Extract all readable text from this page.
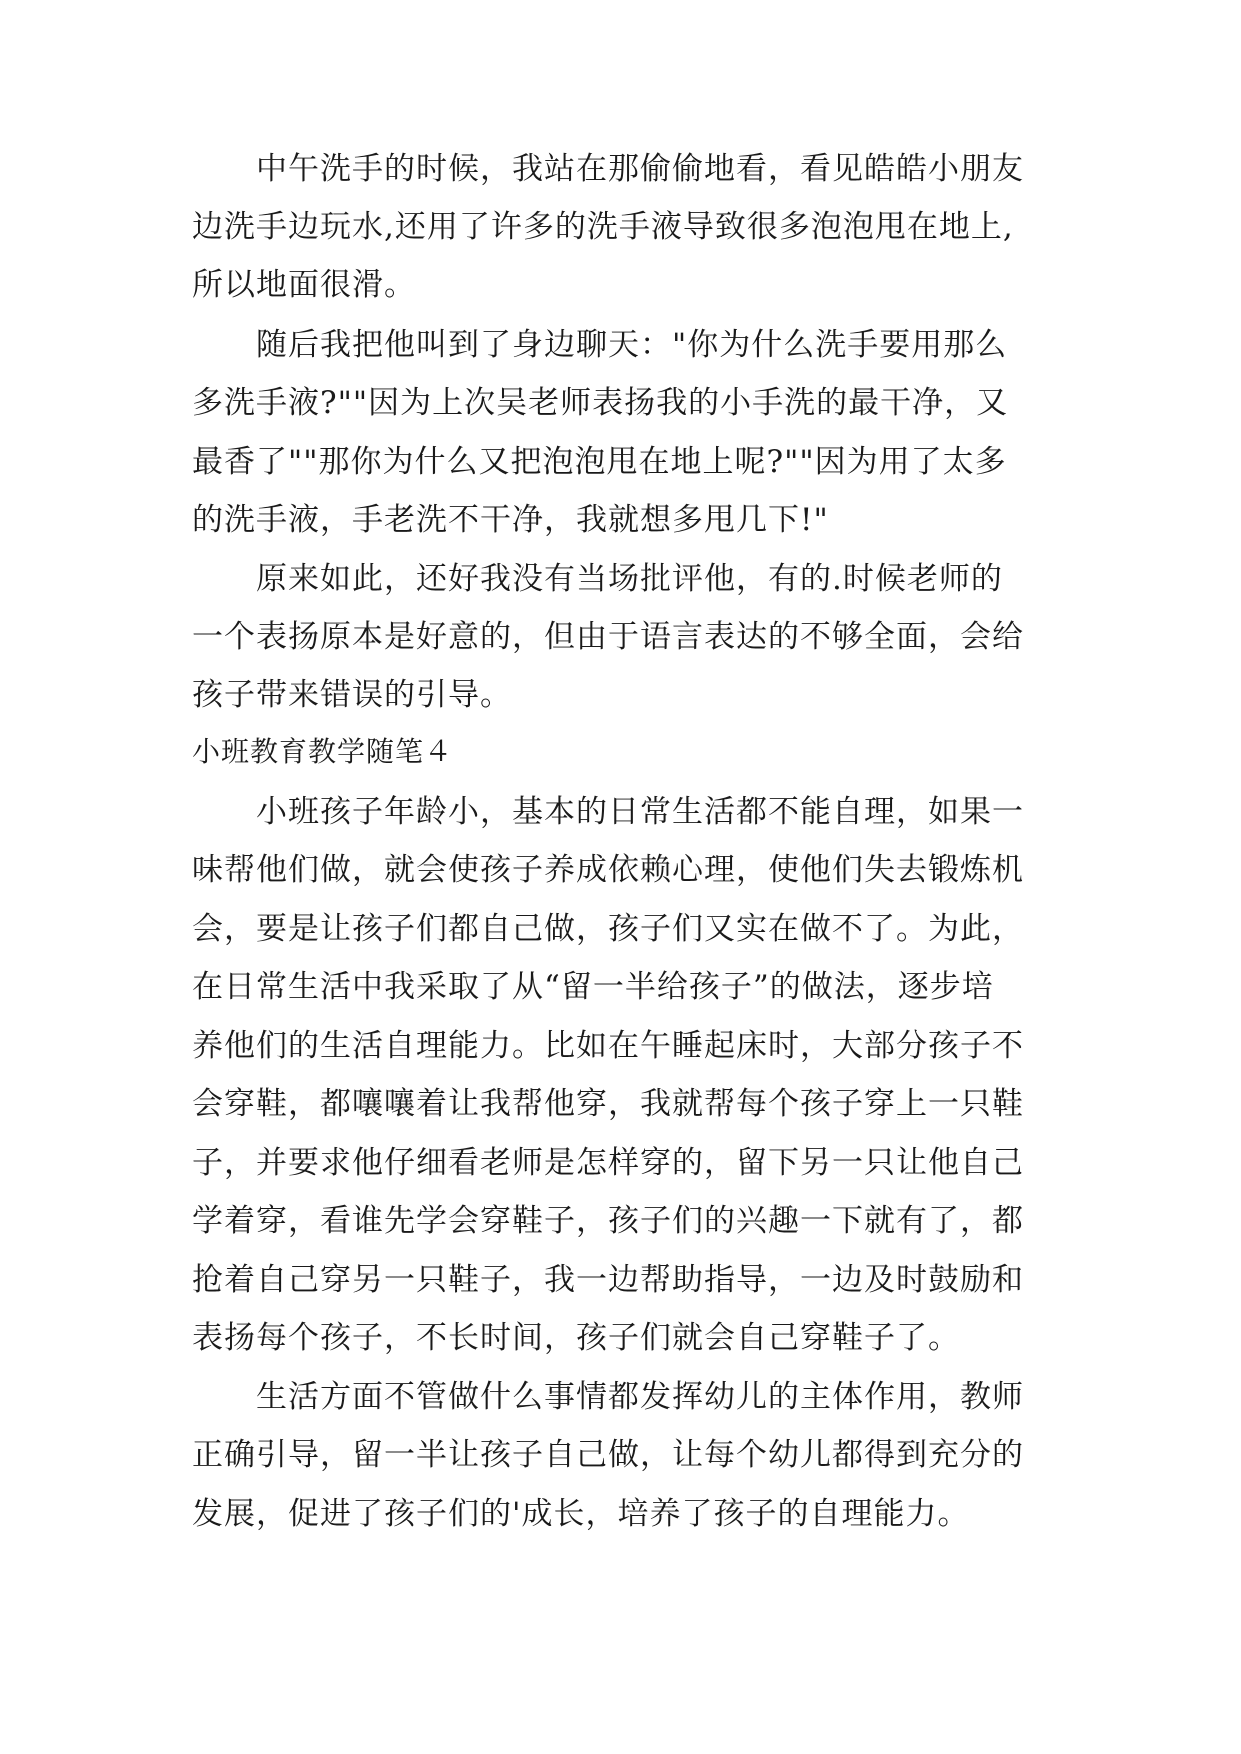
中午洗手的时候，我站在那偷偷地看，看见皓皓小朋友
边洗手边玩水,还用了许多的洗手液导致很多泡泡甩在地上,
所以地面很滑。
随后我把他叫到了身边聊天："你为什么洗手要用那么
多洗手液?""因为上次吴老师表扬我的小手洗的最干净，又
最香了""那你为什么又把泡泡甩在地上呢?""因为用了太多
的洗手液，手老洗不干净，我就想多甩几下!"
原来如此，还好我没有当场批评他，有的.时候老师的
一个表扬原本是好意的，但由于语言表达的不够全面，会给
孩子带来错误的引导。
小班教育教学随笔４
小班孩子年龄小，基本的日常生活都不能自理，如果一
味帮他们做，就会使孩子养成依赖心理，使他们失去锻炼机
会，要是让孩子们都自己做，孩子们又实在做不了。为此，
在日常生活中我采取了从“留一半给孩子”的做法，逐步培
养他们的生活自理能力。比如在午睡起床时，大部分孩子不
会穿鞋，都嚷嚷着让我帮他穿，我就帮每个孩子穿上一只鞋
子，并要求他仔细看老师是怎样穿的，留下另一只让他自己
学着穿，看谁先学会穿鞋子，孩子们的兴趣一下就有了，都
抢着自己穿另一只鞋子，我一边帮助指导，一边及时鼓励和
表扬每个孩子，不长时间，孩子们就会自己穿鞋子了。
生活方面不管做什么事情都发挥幼儿的主体作用，教师
正确引导，留一半让孩子自己做，让每个幼儿都得到充分的
发展，促进了孩子们的'成长，培养了孩子的自理能力。
